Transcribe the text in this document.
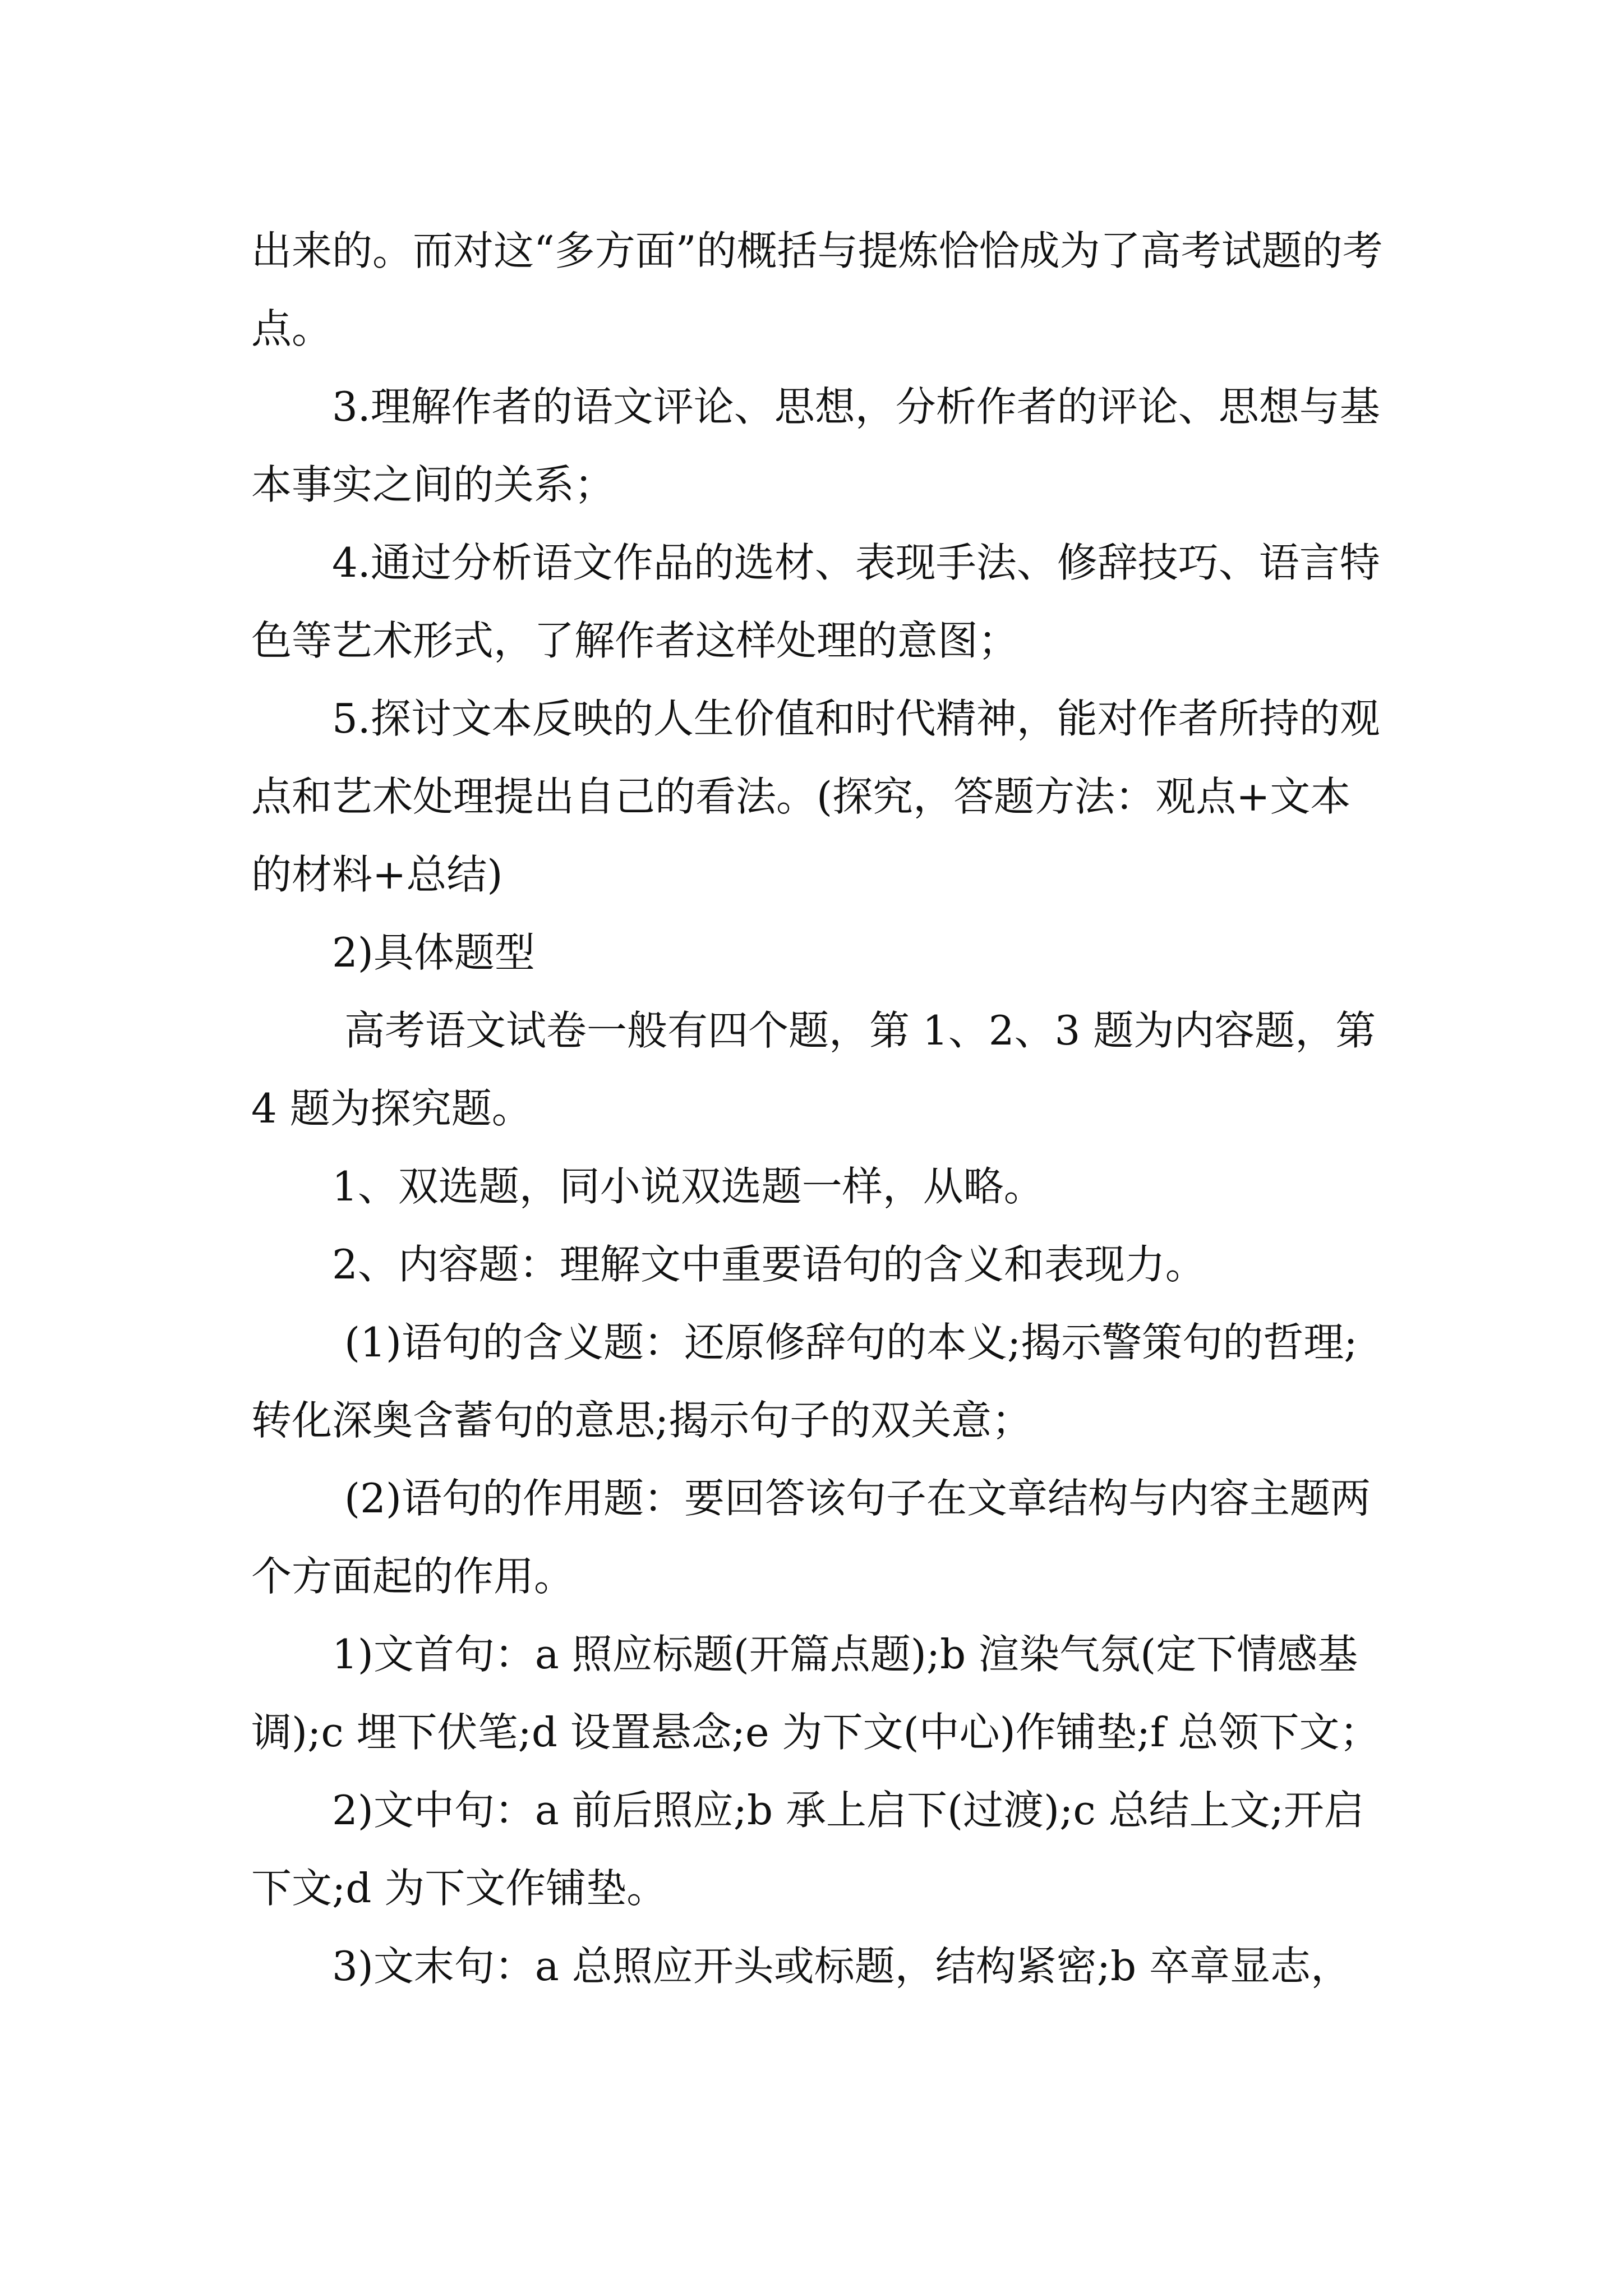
出来的。而对这“多方面”的概括与提炼恰恰成为了高考试题的考点。

3.理解作者的语文评论、思想，分析作者的评论、思想与基本事实之间的关系；

4.通过分析语文作品的选材、表现手法、修辞技巧、语言特色等艺术形式，了解作者这样处理的意图；

5.探讨文本反映的人生价值和时代精神，能对作者所持的观点和艺术处理提出自己的看法。(探究，答题方法：观点+文本的材料+总结)

2)具体题型

高考语文试卷一般有四个题，第 1、2、3 题为内容题，第 4 题为探究题。

1、双选题，同小说双选题一样，从略。

2、内容题：理解文中重要语句的含义和表现力。

(1)语句的含义题：还原修辞句的本义;揭示警策句的哲理;转化深奥含蓄句的意思;揭示句子的双关意；

(2)语句的作用题：要回答该句子在文章结构与内容主题两个方面起的作用。

1)文首句：a 照应标题(开篇点题);b 渲染气氛(定下情感基调);c 埋下伏笔;d 设置悬念;e 为下文(中心)作铺垫;f 总领下文；

2)文中句：a 前后照应;b 承上启下(过渡);c 总结上文;开启下文;d 为下文作铺垫。

3)文末句：a 总照应开头或标题，结构紧密;b 卒章显志，
